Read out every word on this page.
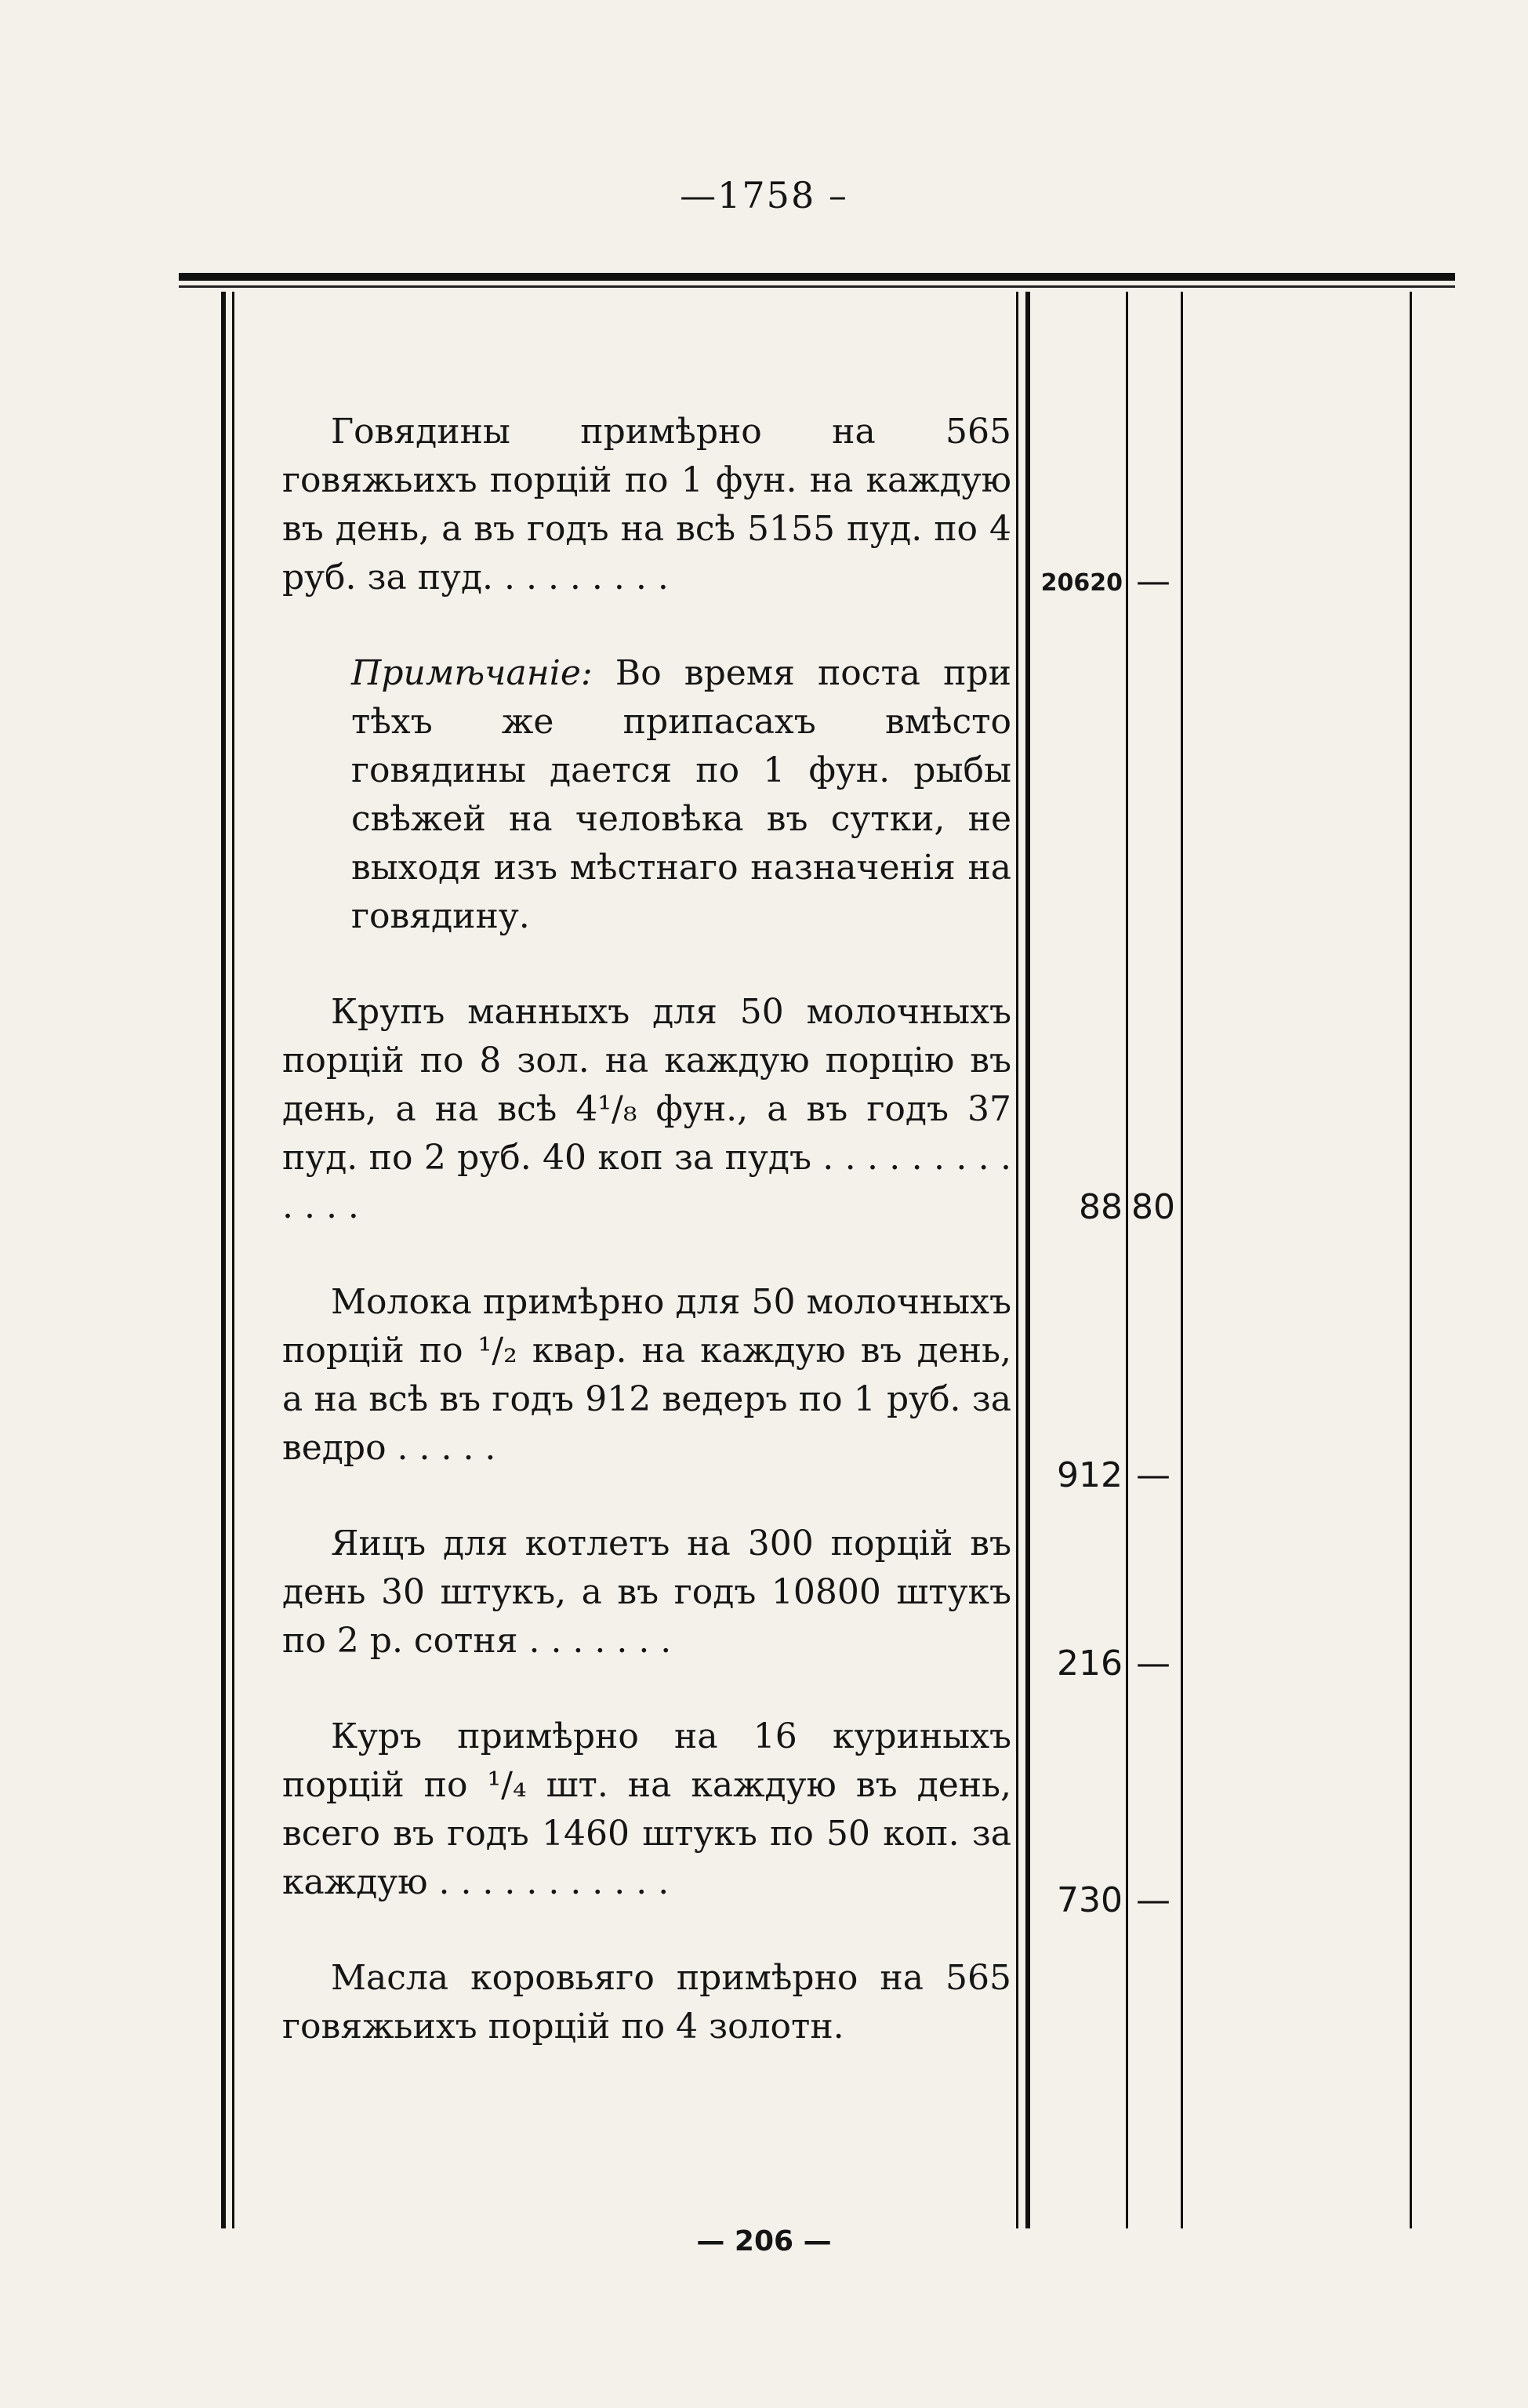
—1758 –

Говядины примѣрно на 565 говяжьихъ порцій по 1 фун. на каждую въ день, а въ годъ на всѣ 5155 пуд. по 4 руб. за пуд. . . . . . . . .

Примѣчаніе: Во время поста при тѣхъ же припасахъ вмѣсто говядины дается по 1 фун. рыбы свѣжей на человѣка въ сутки, не выходя изъ мѣстнаго назначенія на говядину.

Крупъ манныхъ для 50 молочныхъ порцій по 8 зол. на каждую порцію въ день, а на всѣ 4¹/₈ фун., а въ годъ 37 пуд. по 2 руб. 40 коп за пудъ . . . . . . . . . . . . .

Молока примѣрно для 50 молочныхъ порцій по ¹/₂ квар. на каждую въ день, а на всѣ въ годъ 912 ведеръ по 1 руб. за ведро . . . . .

Яицъ для котлетъ на 300 порцій въ день 30 штукъ, а въ годъ 10800 штукъ по 2 р. сотня . . . . . . .

Куръ примѣрно на 16 куриныхъ порцій по ¹/₄ шт. на каждую въ день, всего въ годъ 1460 штукъ по 50 коп. за каждую . . . . . . . . . . .

Масла коровьяго примѣрно на 565 говяжьихъ порцій по 4 золотн.

20620 —
88 80
912 —
216 —
730 —
— 206 —
